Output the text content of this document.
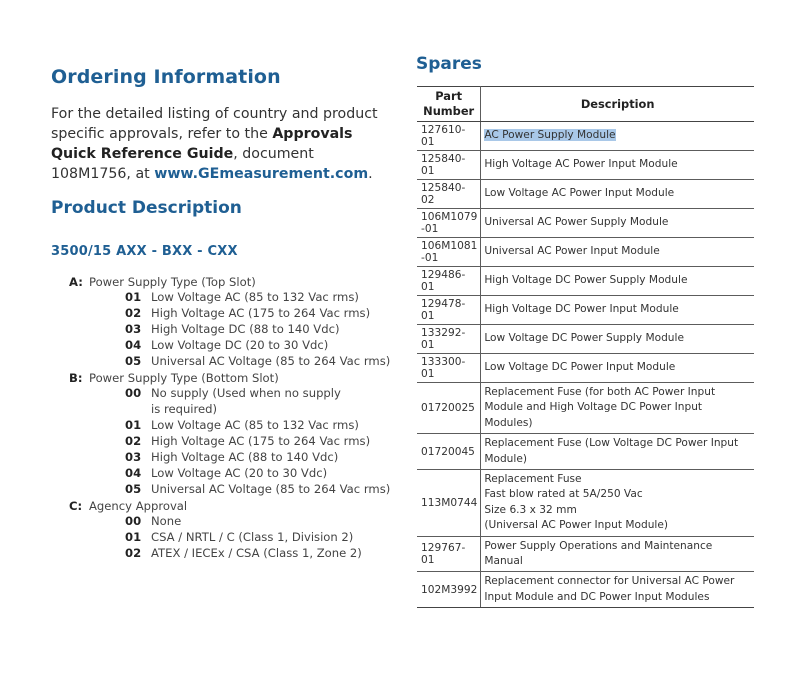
Ordering Information

For the detailed listing of country and product specific approvals, refer to the Approvals Quick Reference Guide, document 108M1756, at www.GEmeasurement.com.

Product Description
3500/15 AXX - BXX - CXX
A: Power Supply Type (Top Slot)
01 Low Voltage AC (85 to 132 Vac rms)
02 High Voltage AC (175 to 264 Vac rms)
03 High Voltage DC (88 to 140 Vdc)
04 Low Voltage DC (20 to 30 Vdc)
05 Universal AC Voltage (85 to 264 Vac rms)
B: Power Supply Type (Bottom Slot)
00 No supply (Used when no supply is required)
01 Low Voltage AC (85 to 132 Vac rms)
02 High Voltage AC (175 to 264 Vac rms)
03 High Voltage AC (88 to 140 Vdc)
04 Low Voltage AC (20 to 30 Vdc)
05 Universal AC Voltage (85 to 264 Vac rms)
C: Agency Approval
00 None
01 CSA / NRTL / C (Class 1, Division 2)
02 ATEX / IECEx / CSA (Class 1, Zone 2)
Spares
Part Number	Description
127610-01	AC Power Supply Module
125840-01	High Voltage AC Power Input Module
125840-02	Low Voltage AC Power Input Module
106M1079-01	Universal AC Power Supply Module
106M1081-01	Universal AC Power Input Module
129486-01	High Voltage DC Power Supply Module
129478-01	High Voltage DC Power Input Module
133292-01	Low Voltage DC Power Supply Module
133300-01	Low Voltage DC Power Input Module
01720025	Replacement Fuse (for both AC Power Input Module and High Voltage DC Power Input Modules)
01720045	Replacement Fuse (Low Voltage DC Power Input Module)
113M0744	Replacement Fuse
Fast blow rated at 5A/250 Vac
Size 6.3 x 32 mm
(Universal AC Power Input Module)
129767-01	Power Supply Operations and Maintenance Manual
102M3992	Replacement connector for Universal AC Power Input Module and DC Power Input Modules
